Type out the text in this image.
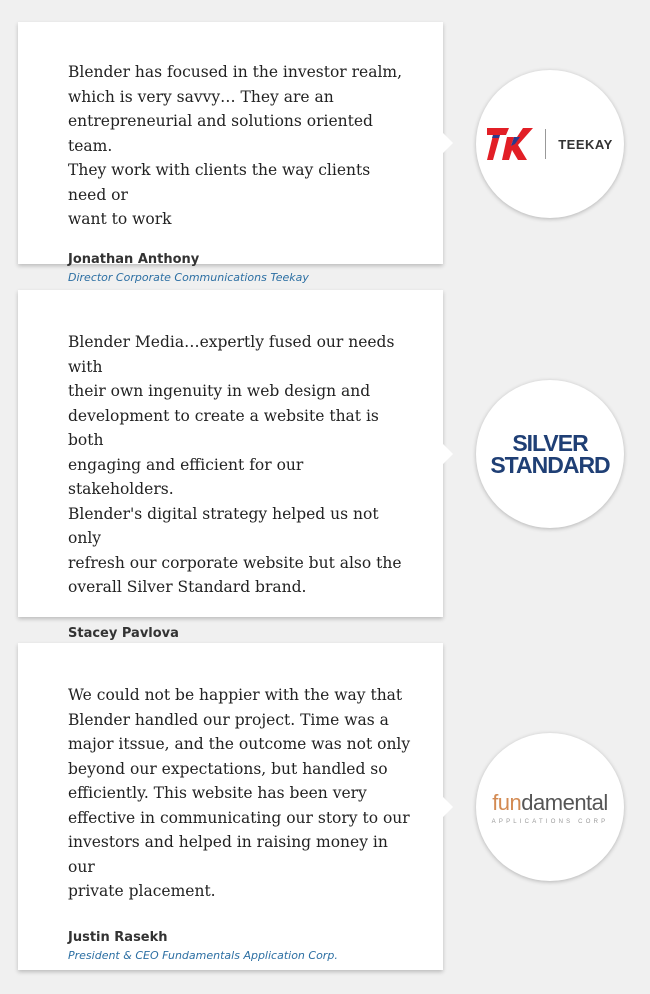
Blender has focused in the investor realm,
which is very savvy… They are an
entrepreneurial and solutions oriented team.
They work with clients the way clients need or
want to work

Jonathan Anthony

Director Corporate Communications Teekay

TEEKAY

Blender Media…expertly fused our needs with
their own ingenuity in web design and
development to create a website that is both
engaging and efficient for our stakeholders.
Blender's digital strategy helped us not only
refresh our corporate website but also the
overall Silver Standard brand.

Stacey Pavlova

SILVER
STANDARD

We could not be happier with the way that
Blender handled our project. Time was a
major itssue, and the outcome was not only
beyond our expectations, but handled so
efficiently. This website has been very
effective in communicating our story to our
investors and helped in raising money in our
private placement.

Justin Rasekh

President & CEO Fundamentals Application Corp.

fundamental
APPLICATIONS CORP
